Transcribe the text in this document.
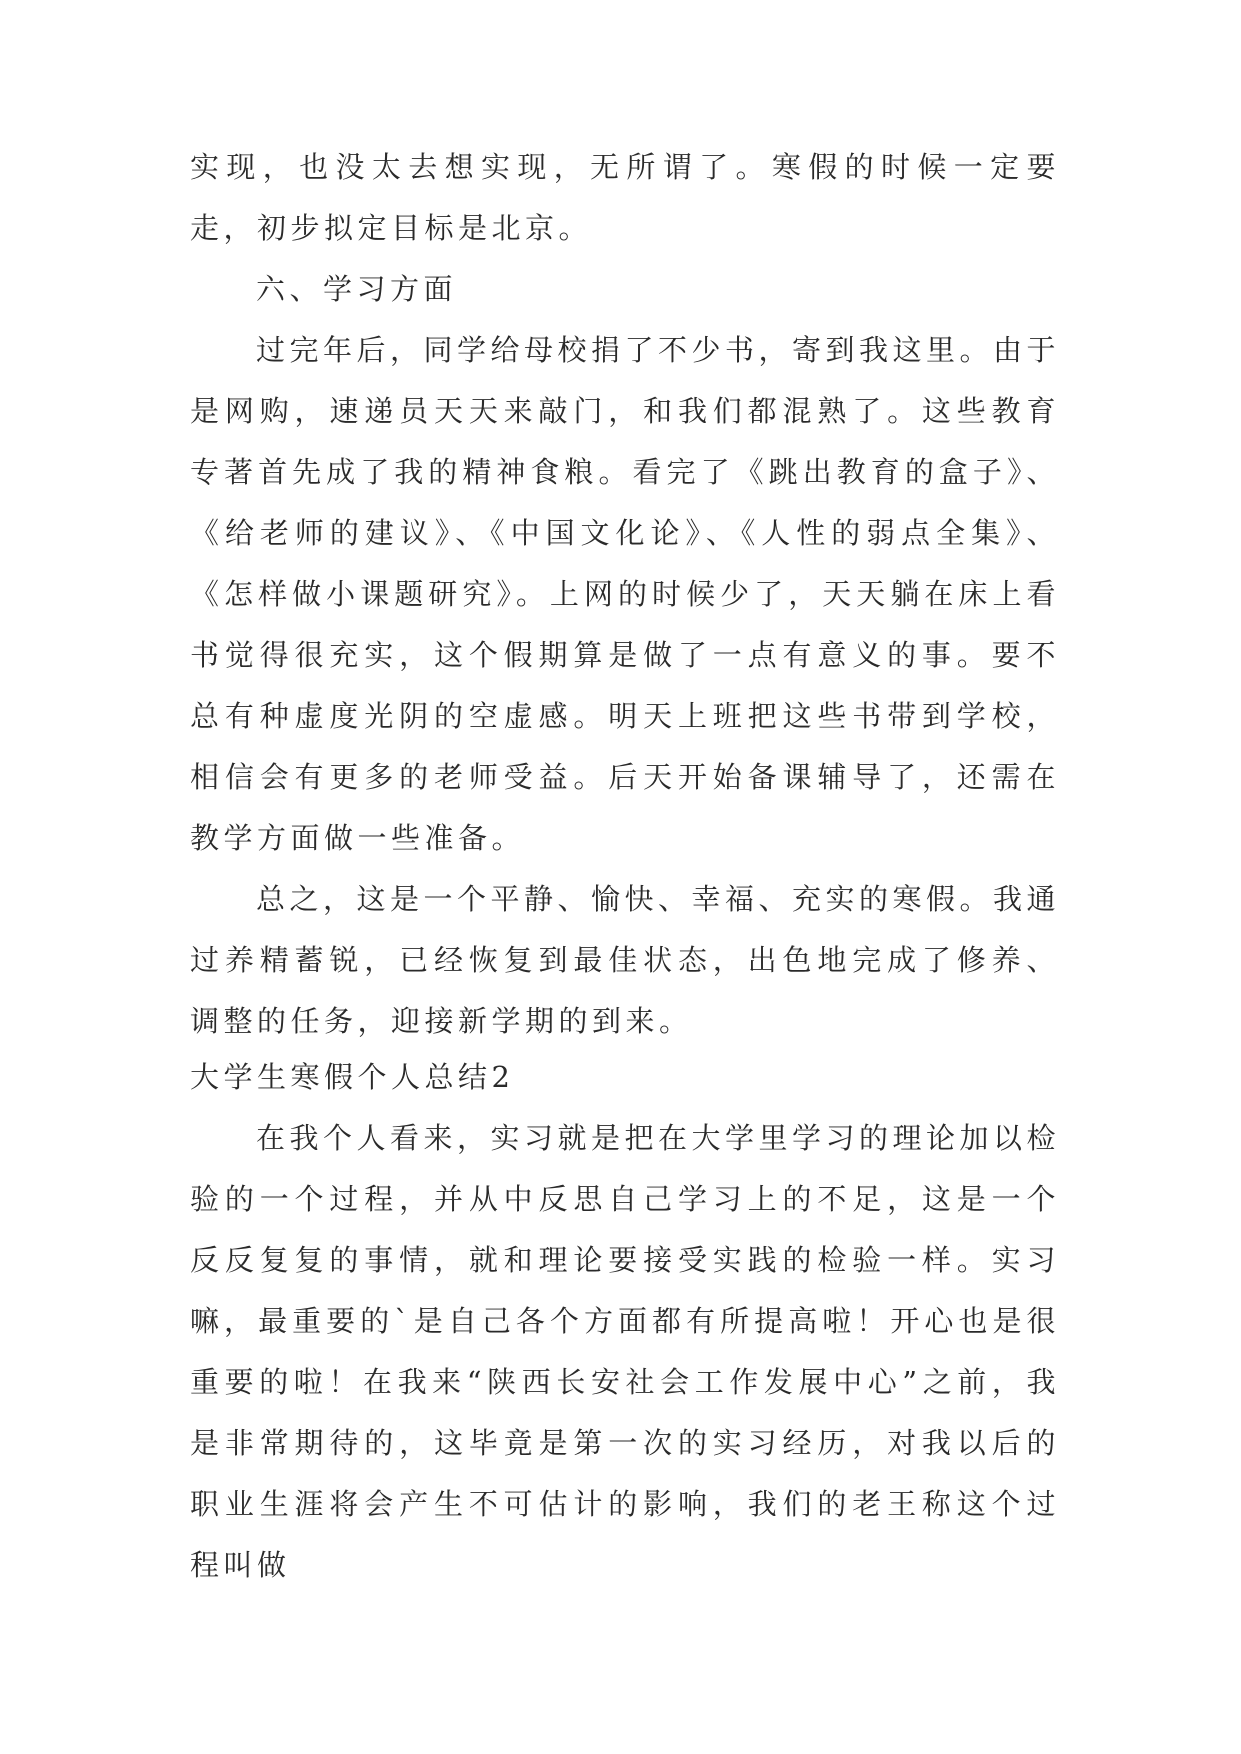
实现，也没太去想实现，无所谓了。寒假的时候一定要走，初步拟定目标是北京。

六、学习方面

过完年后，同学给母校捐了不少书，寄到我这里。由于是网购，速递员天天来敲门，和我们都混熟了。这些教育专著首先成了我的精神食粮。看完了《跳出教育的盒子》、《给老师的建议》、《中国文化论》、《人性的弱点全集》、《怎样做小课题研究》。上网的时候少了，天天躺在床上看书觉得很充实，这个假期算是做了一点有意义的事。要不总有种虚度光阴的空虚感。明天上班把这些书带到学校，相信会有更多的老师受益。后天开始备课辅导了，还需在教学方面做一些准备。

总之，这是一个平静、愉快、幸福、充实的寒假。我通过养精蓄锐，已经恢复到最佳状态，出色地完成了修养、调整的任务，迎接新学期的到来。

大学生寒假个人总结2

在我个人看来，实习就是把在大学里学习的理论加以检验的一个过程，并从中反思自己学习上的不足，这是一个反反复复的事情，就和理论要接受实践的检验一样。实习嘛，最重要的`是自己各个方面都有所提高啦！开心也是很重要的啦！在我来“陕西长安社会工作发展中心”之前，我是非常期待的，这毕竟是第一次的实习经历，对我以后的职业生涯将会产生不可估计的影响，我们的老王称这个过程叫做
